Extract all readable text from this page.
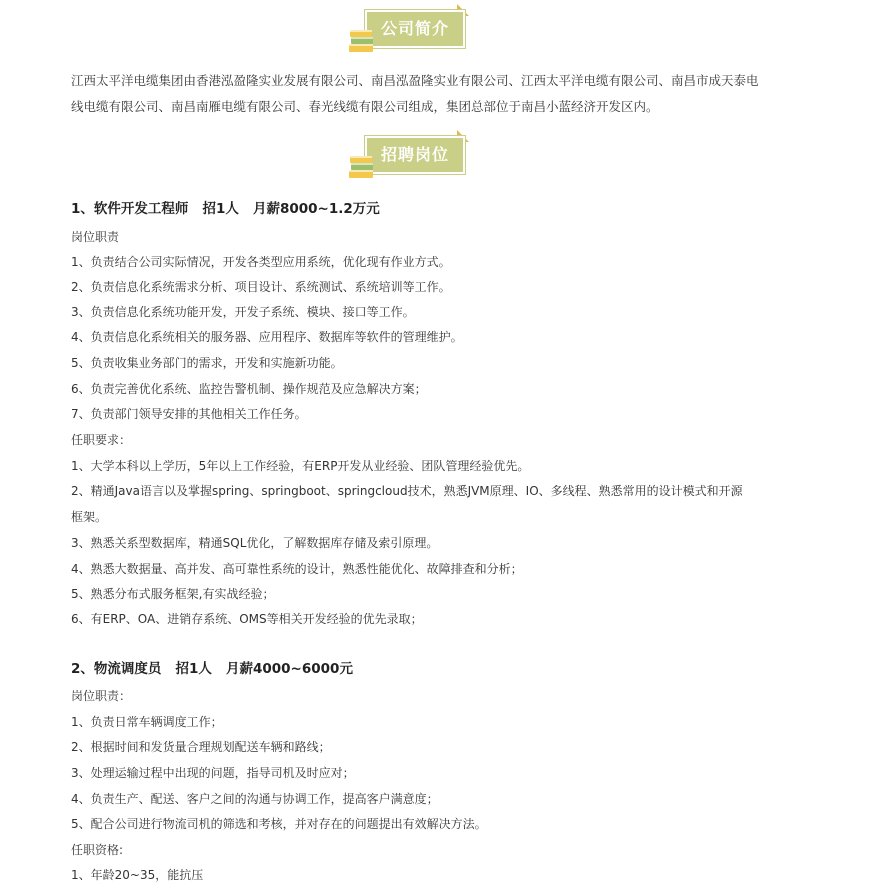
公司简介
江西太平洋电缆集团由香港泓盈隆实业发展有限公司、南昌泓盈隆实业有限公司、江西太平洋电缆有限公司、南昌市成天泰电线电缆有限公司、南昌南雁电缆有限公司、春光线缆有限公司组成，集团总部位于南昌小蓝经济开发区内。
招聘岗位
1、软件开发工程师   招1人   月薪8000~1.2万元
岗位职责
1、负责结合公司实际情况，开发各类型应用系统，优化现有作业方式。
2、负责信息化系统需求分析、项目设计、系统测试、系统培训等工作。
3、负责信息化系统功能开发，开发子系统、模块、接口等工作。
4、负责信息化系统相关的服务器、应用程序、数据库等软件的管理维护。
5、负责收集业务部门的需求，开发和实施新功能。
6、负责完善优化系统、监控告警机制、操作规范及应急解决方案；
7、负责部门领导安排的其他相关工作任务。
任职要求：
1、大学本科以上学历，5年以上工作经验，有ERP开发从业经验、团队管理经验优先。
2、精通Java语言以及掌握spring、springboot、springcloud技术，熟悉JVM原理、IO、多线程、熟悉常用的设计模式和开源框架。
3、熟悉关系型数据库，精通SQL优化，了解数据库存储及索引原理。
4、熟悉大数据量、高并发、高可靠性系统的设计，熟悉性能优化、故障排查和分析；
5、熟悉分布式服务框架,有实战经验；
6、有ERP、OA、进销存系统、OMS等相关开发经验的优先录取；
2、物流调度员   招1人   月薪4000~6000元
岗位职责：
1、负责日常车辆调度工作；
2、根据时间和发货量合理规划配送车辆和路线；
3、处理运输过程中出现的问题，指导司机及时应对；
4、负责生产、配送、客户之间的沟通与协调工作，提高客户满意度；
5、配合公司进行物流司机的筛选和考核，并对存在的问题提出有效解决方法。
任职资格:
1、年龄20~35，能抗压
